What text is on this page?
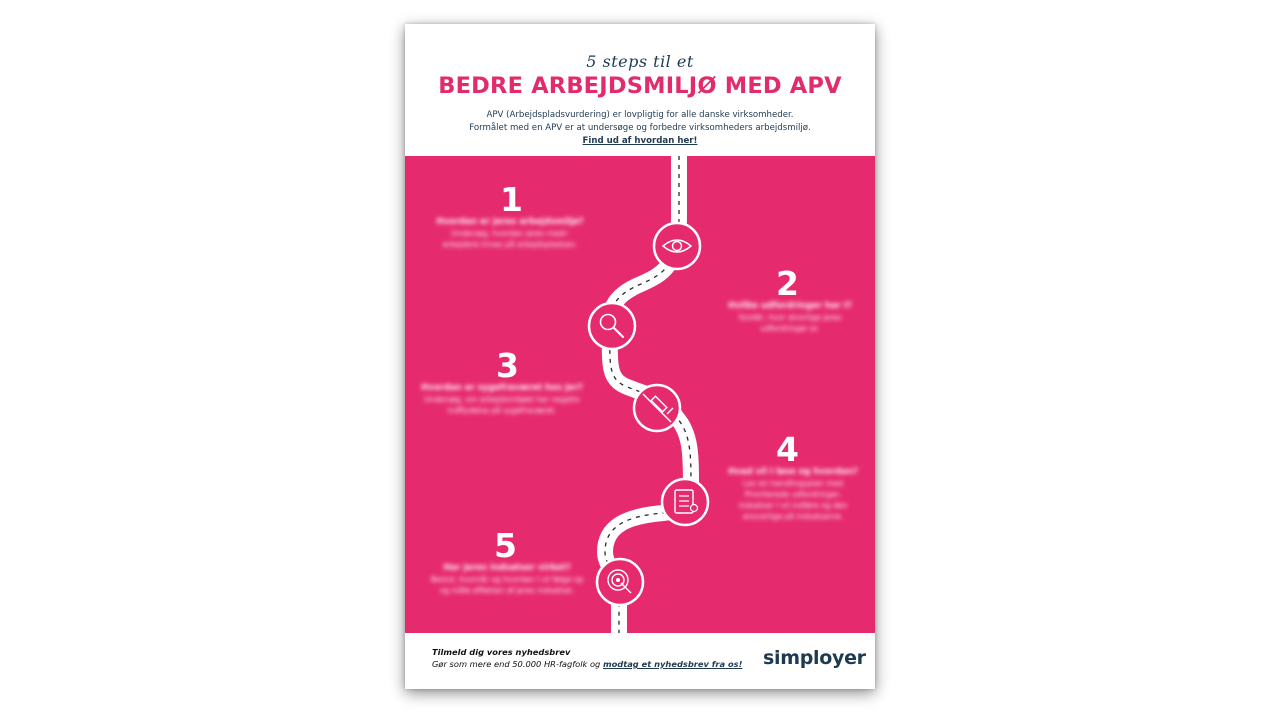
5 steps til et
BEDRE ARBEJDSMILJØ MED APV
APV (Arbejdspladsvurdering) er lovpligtig for alle danske virksomheder.
Formålet med en APV er at undersøge og forbedre virksomheders arbejdsmiljø.
Find ud af hvordan her!
1
Hvordan er jeres arbejdsmiljø?
Undersøg, hvordan jeres medr-
arbejdere trives på arbejdspladsen.
2
Hvilke udfordringer har I?
Vurdér, hvor alvorlige jeres
udfordringer er.
3
Hvordan er sygefraværet hos jer?
Undersøg, om arbejdsmiljøet har negativ
indflydelse på sygefraværet.
4
Hvad vil I løse og hvordan?
Lav en handlingsplan med
Prioriterede udfordringer,
indsatser I vil indføre og den
ansvarlige på indsatserne.
5
Har jeres indsatser virket?
Beslut, hvornår og hvordan I vil følge op
og måle effekten af jeres indsatser.
Tilmeld dig vores nyhedsbrev
Gør som mere end 50.000 HR-fagfolk og modtag et nyhedsbrev fra os! simployer
